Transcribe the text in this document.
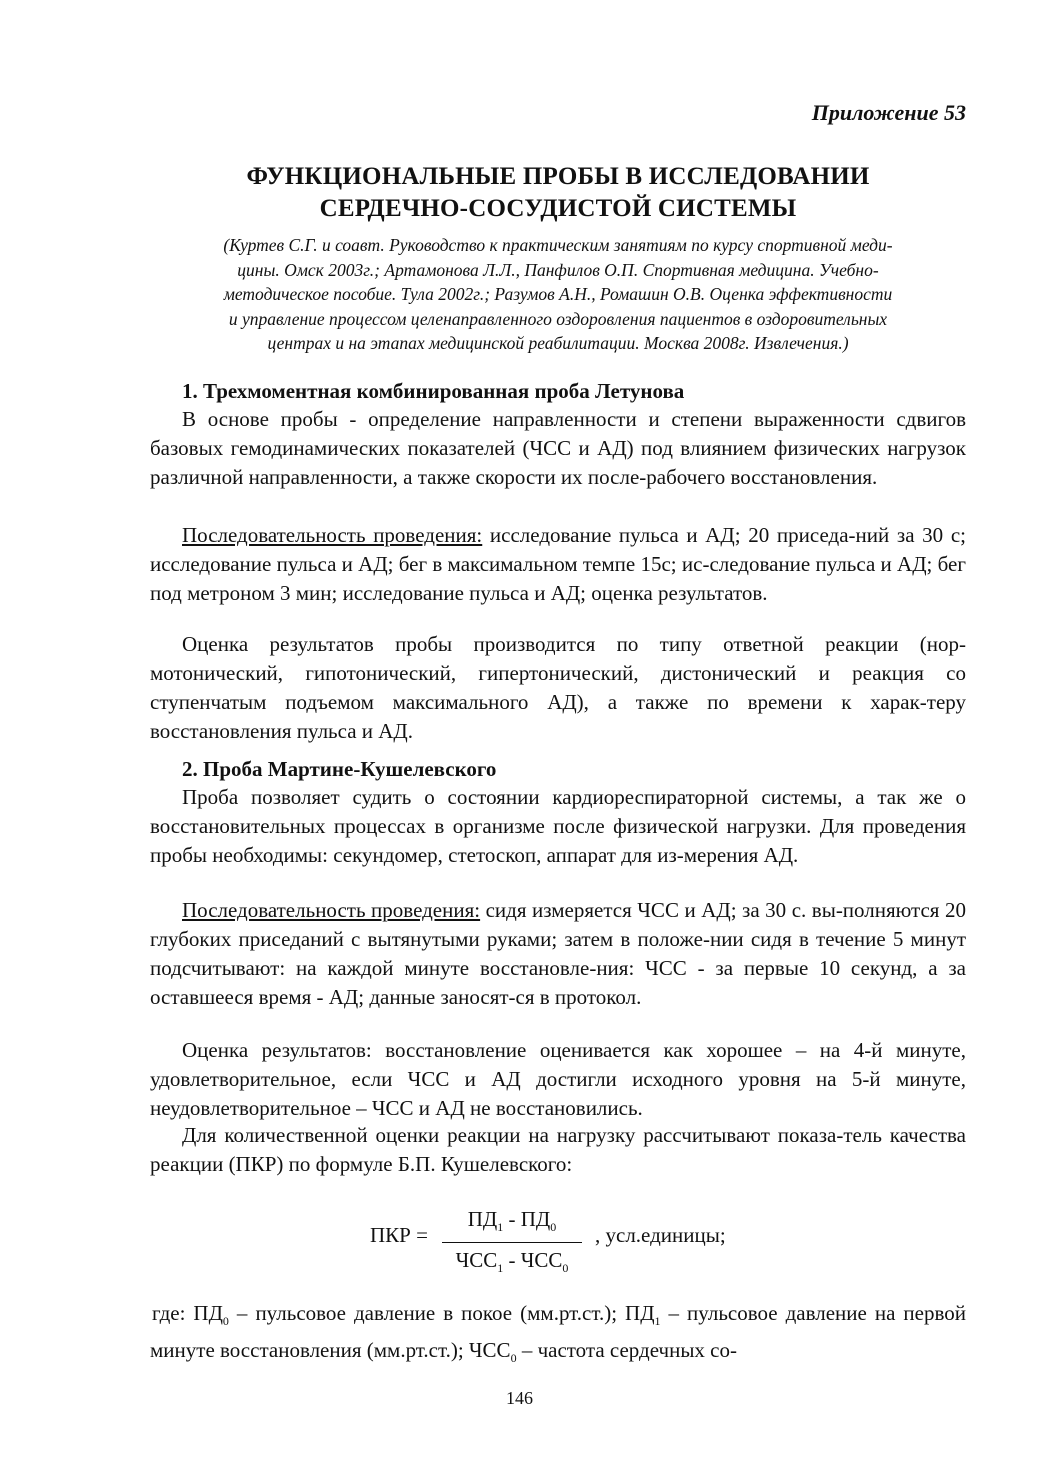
Приложение 53

ФУНКЦИОНАЛЬНЫЕ ПРОБЫ В ИССЛЕДОВАНИИ
СЕРДЕЧНО-СОСУДИСТОЙ СИСТЕМЫ

(Куртев С.Г. и соавт. Руководство к практическим занятиям по курсу спортивной меди-
цины. Омск 2003г.; Артамонова Л.Л., Панфилов О.П. Спортивная медицина. Учебно-
методическое пособие. Тула 2002г.; Разумов А.Н., Ромашин О.В. Оценка эффективности
и управление процессом целенаправленного оздоровления пациентов в оздоровительных
центрах и на этапах медицинской реабилитации. Москва 2008г. Извлечения.)

1. Трехмоментная комбинированная проба Летунова

В основе пробы - определение направленности и степени выраженности сдвигов базовых гемодинамических показателей (ЧСС и АД) под влиянием физических нагрузок различной направленности, а также скорости их после-рабочего восстановления.

Последовательность проведения: исследование пульса и АД; 20 приседа-ний за 30 с; исследование пульса и АД; бег в максимальном темпе 15с; ис-следование пульса и АД; бег под метроном 3 мин; исследование пульса и АД; оценка результатов.

Оценка результатов пробы производится по типу ответной реакции (нор-мотонический, гипотонический, гипертонический, дистонический и реакция со ступенчатым подъемом максимального АД), а также по времени к харак-теру восстановления пульса и АД.

2. Проба Мартине-Кушелевского

Проба позволяет судить о состоянии кардиореспираторной системы, а так же о восстановительных процессах в организме после физической нагрузки. Для проведения пробы необходимы: секундомер, стетоскоп, аппарат для из-мерения АД.

Последовательность проведения: сидя измеряется ЧСС и АД; за 30 с. вы-полняются 20 глубоких приседаний с вытянутыми руками; затем в положе-нии сидя в течение 5 минут подсчитывают: на каждой минуте восстановле-ния: ЧСС - за первые 10 секунд, а за оставшееся время - АД; данные заносят-ся в протокол.

Оценка результатов: восстановление оценивается как хорошее – на 4-й минуте, удовлетворительное, если ЧСС и АД достигли исходного уровня на 5-й минуте, неудовлетворительное – ЧСС и АД не восстановились.

Для количественной оценки реакции на нагрузку рассчитывают показа-тель качества реакции (ПКР) по формуле Б.П. Кушелевского:

ПКР =
$ПД_1 - ПД_0$
$ЧСС_1 - ЧСС_0$
, усл.единицы;

где: $ПД_0$ – пульсовое давление в покое (мм.рт.ст.); $ПД_1$ – пульсовое давление на первой минуте восстановления (мм.рт.ст.); $ЧСС_0$ – частота сердечных со-

146
